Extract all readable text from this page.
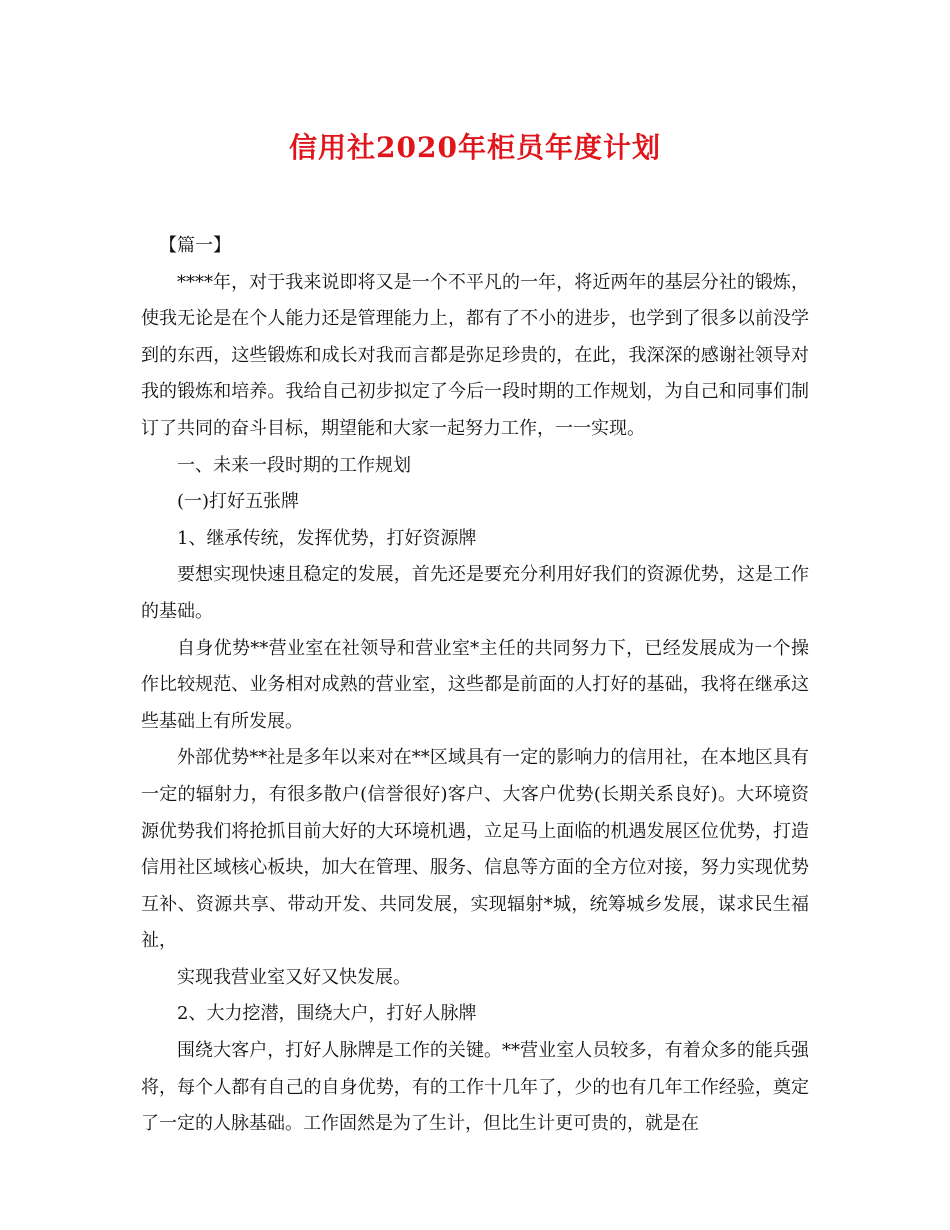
信用社2020年柜员年度计划

【篇一】

****年，对于我来说即将又是一个不平凡的一年，将近两年的基层分社的锻炼，使我无论是在个人能力还是管理能力上，都有了不小的进步，也学到了很多以前没学到的东西，这些锻炼和成长对我而言都是弥足珍贵的，在此，我深深的感谢社领导对我的锻炼和培养。我给自己初步拟定了今后一段时期的工作规划，为自己和同事们制订了共同的奋斗目标，期望能和大家一起努力工作，一一实现。

一、未来一段时期的工作规划

(一)打好五张牌

1、继承传统，发挥优势，打好资源牌

要想实现快速且稳定的发展，首先还是要充分利用好我们的资源优势，这是工作的基础。

自身优势**营业室在社领导和营业室*主任的共同努力下，已经发展成为一个操作比较规范、业务相对成熟的营业室，这些都是前面的人打好的基础，我将在继承这些基础上有所发展。

外部优势**社是多年以来对在**区域具有一定的影响力的信用社，在本地区具有一定的辐射力，有很多散户(信誉很好)客户、大客户优势(长期关系良好)。大环境资源优势我们将抢抓目前大好的大环境机遇，立足马上面临的机遇发展区位优势，打造信用社区域核心板块，加大在管理、服务、信息等方面的全方位对接，努力实现优势互补、资源共享、带动开发、共同发展，实现辐射*城，统筹城乡发展，谋求民生福祉，

实现我营业室又好又快发展。

2、大力挖潜，围绕大户，打好人脉牌

围绕大客户，打好人脉牌是工作的关键。**营业室人员较多，有着众多的能兵强将，每个人都有自己的自身优势，有的工作十几年了，少的也有几年工作经验，奠定了一定的人脉基础。工作固然是为了生计，但比生计更可贵的，就是在
